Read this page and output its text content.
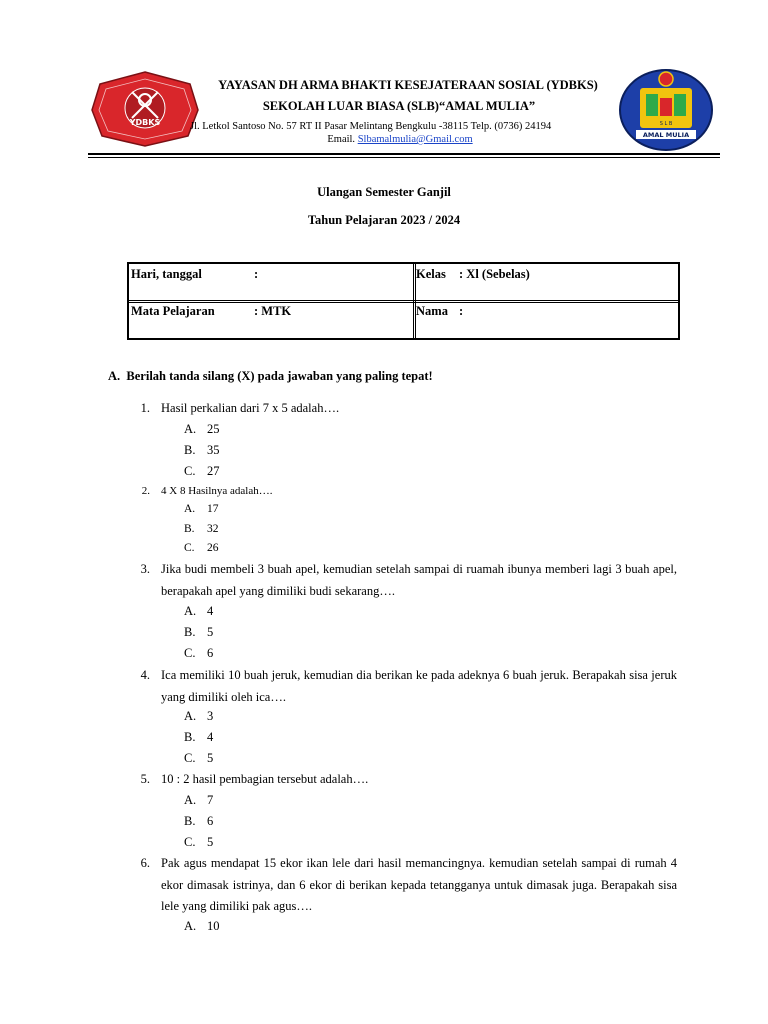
YDBKS	S L B
AMAL MULIA
YAYASAN DH ARMA BHAKTI KESEJATERAAN SOSIAL (YDBKS)
SEKOLAH LUAR BIASA (SLB)“AMAL MULIA”
Jl. Letkol Santoso No. 57 RT II Pasar Melintang Bengkulu -38115 Telp. (0736) 24194
Email. Slbamalmulia@Gmail.com
Ulangan Semester Ganjil
Tahun Pelajaran 2023 / 2024
Hari, tanggal	:	Kelas : Xl (Sebelas)
Mata Pelajaran	: MTK	Nama :
A. Berilah tanda silang (X) pada jawaban yang paling tepat!
1. Hasil perkalian dari 7 x 5 adalah….
A. 25
B. 35
C. 27
2. 4 X 8 Hasilnya adalah….
A. 17
B. 32
C. 26
3. Jika budi membeli 3 buah apel, kemudian setelah sampai di ruamah ibunya memberi lagi 3 buah apel, berapakah apel yang dimiliki budi sekarang….
A. 4
B. 5
C. 6
4. Ica memiliki 10 buah jeruk, kemudian dia berikan ke pada adeknya 6 buah jeruk. Berapakah sisa jeruk yang dimiliki oleh ica….
A. 3
B. 4
C. 5
5. 10 : 2 hasil pembagian tersebut adalah….
A. 7
B. 6
C. 5
6. Pak agus mendapat 15 ekor ikan lele dari hasil memancingnya. kemudian setelah sampai di rumah 4 ekor dimasak istrinya, dan 6 ekor di berikan kepada tetangganya untuk dimasak juga. Berapakah sisa lele yang dimiliki pak agus….
A. 10
